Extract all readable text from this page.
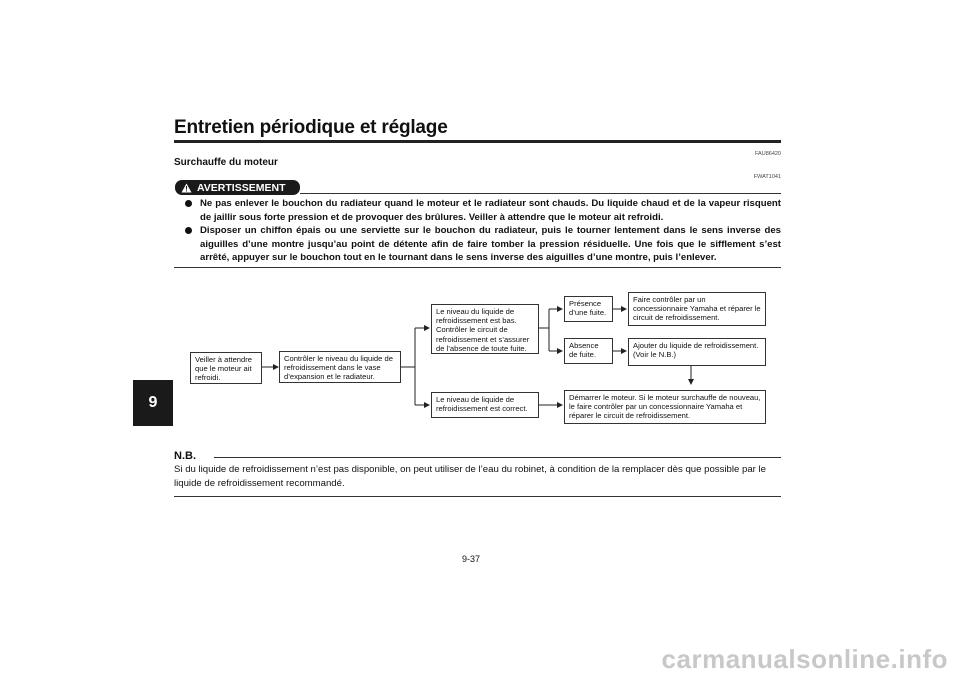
Entretien périodique et réglage
9
FAU86420
Surchauffe du moteur
AVERTISSEMENT
FWAT1041
Ne pas enlever le bouchon du radiateur quand le moteur et le radiateur sont chauds. Du liquide chaud et de la vapeur risquent de jaillir sous forte pression et de provoquer des brûlures. Veiller à attendre que le moteur ait refroidi.
Disposer un chiffon épais ou une serviette sur le bouchon du radiateur, puis le tourner lentement dans le sens inverse des aiguilles d’une montre jusqu’au point de détente afin de faire tomber la pression résiduelle. Une fois que le sifflement s’est arrêté, appuyer sur le bouchon tout en le tournant dans le sens inverse des aiguilles d’une montre, puis l’enlever.
Veiller à attendre que le moteur ait refroidi.
Contrôler le niveau du liquide de refroidissement dans le vase d’expansion et le radiateur.
Le niveau du liquide de refroidissement est bas. Contrôler le circuit de refroidissement et s’assurer de l’absence de toute fuite.
Le niveau de liquide de refroidissement est correct.
Présence d’une fuite.
Absence de fuite.
Faire contrôler par un concessionnaire Yamaha et réparer le circuit de refroidissement.
Ajouter du liquide de refroidissement. (Voir le N.B.)
Démarrer le moteur. Si le moteur surchauffe de nouveau, le faire contrôler par un concessionnaire Yamaha et réparer le circuit de refroidissement.
N.B.
Si du liquide de refroidissement n’est pas disponible, on peut utiliser de l’eau du robinet, à condition de la remplacer dès que possible par le liquide de refroidissement recommandé.
9-37
carmanualsonline.info
